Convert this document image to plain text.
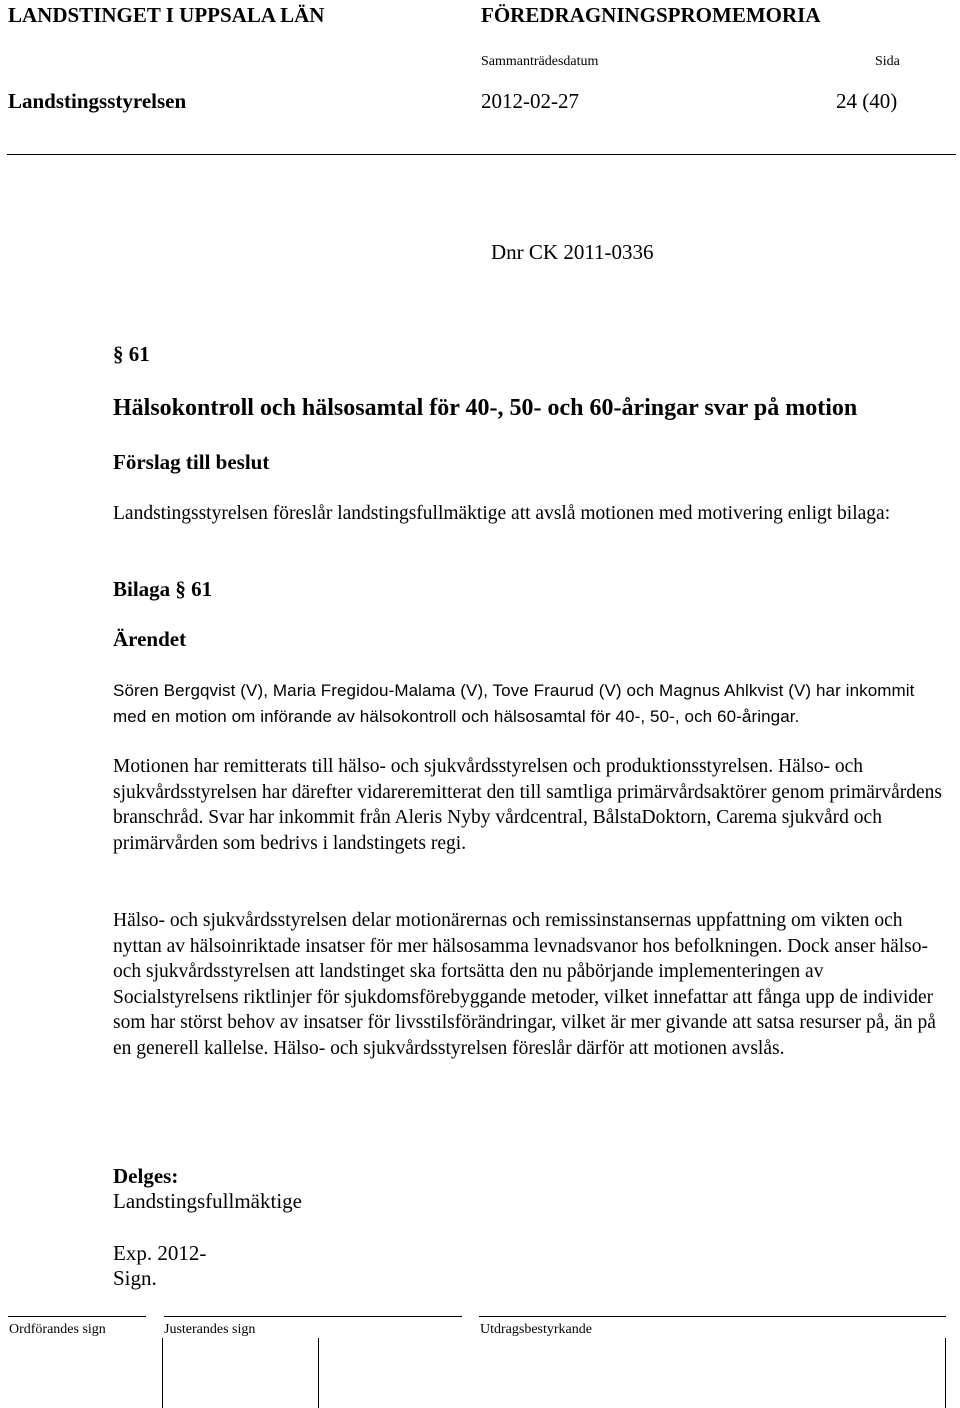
LANDSTINGET I UPPSALA LÄN	FÖREDRAGNINGSPROMEMORIA
Sammanträdesdatum	Sida
Landstingsstyrelsen	2012-02-27	24 (40)
Dnr CK 2011-0336
§ 61
Hälsokontroll och hälsosamtal för 40-, 50- och 60-åringar svar på motion
Förslag till beslut
Landstingsstyrelsen föreslår landstingsfullmäktige att avslå motionen med motivering enligt bilaga:
Bilaga § 61
Ärendet
Sören Bergqvist (V), Maria Fregidou-Malama (V), Tove Fraurud (V) och Magnus Ahlkvist (V) har inkommit med en motion om införande av hälsokontroll och hälsosamtal för 40-, 50-, och 60-åringar.
Motionen har remitterats till hälso- och sjukvårdsstyrelsen och produktionsstyrelsen. Hälso- och sjukvårdsstyrelsen har därefter vidareremitterat den till samtliga primärvårdsaktörer genom primärvårdens branschråd. Svar har inkommit från Aleris Nyby vårdcentral, BålstaDoktorn, Carema sjukvård och primärvården som bedrivs i landstingets regi.
Hälso- och sjukvårdsstyrelsen delar motionärernas och remissinstansernas uppfattning om vikten och nyttan av hälsoinriktade insatser för mer hälsosamma levnadsvanor hos befolkningen. Dock anser hälso- och sjukvårdsstyrelsen att landstinget ska fortsätta den nu påbörjande implementeringen av Socialstyrelsens riktlinjer för sjukdomsförebyggande metoder, vilket innefattar att fånga upp de individer som har störst behov av insatser för livsstilsförändringar, vilket är mer givande att satsa resurser på, än på en generell kallelse. Hälso- och sjukvårdsstyrelsen föreslår därför att motionen avslås.
Delges:
Landstingsfullmäktige
Exp. 2012-
Sign.
Ordförandes sign	Justerandes sign	Utdragsbestyrkande
